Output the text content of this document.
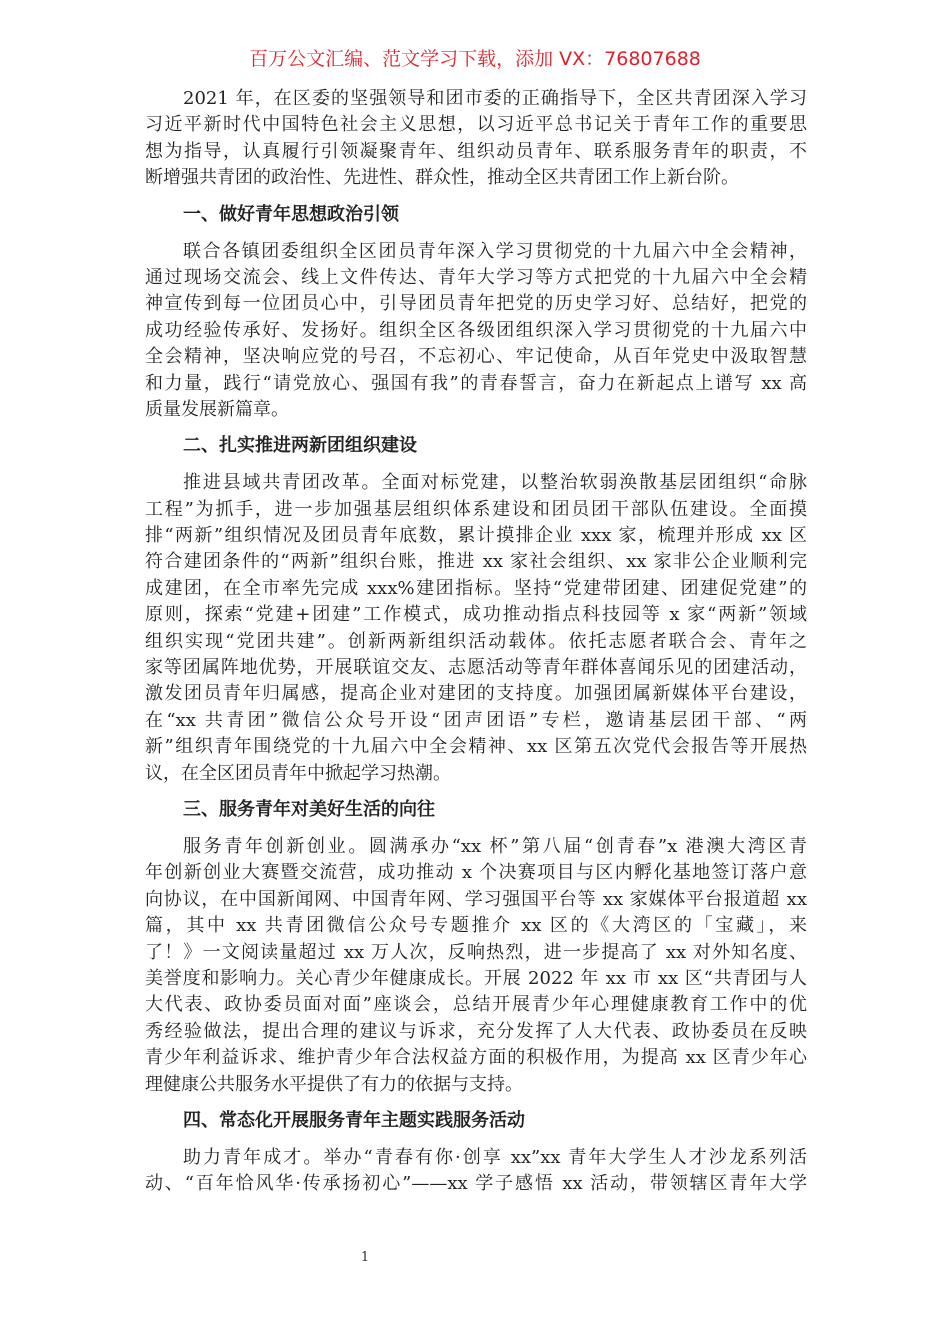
百万公文汇编、范文学习下载，添加 VX：76807688
2021 年，在区委的坚强领导和团市委的正确指导下，全区共青团深入学习
习近平新时代中国特色社会主义思想，以习近平总书记关于青年工作的重要思
想为指导，认真履行引领凝聚青年、组织动员青年、联系服务青年的职责，不
断增强共青团的政治性、先进性、群众性，推动全区共青团工作上新台阶。
一、做好青年思想政治引领
联合各镇团委组织全区团员青年深入学习贯彻党的十九届六中全会精神，
通过现场交流会、线上文件传达、青年大学习等方式把党的十九届六中全会精
神宣传到每一位团员心中，引导团员青年把党的历史学习好、总结好，把党的
成功经验传承好、发扬好。组织全区各级团组织深入学习贯彻党的十九届六中
全会精神，坚决响应党的号召，不忘初心、牢记使命，从百年党史中汲取智慧
和力量，践行“请党放心、强国有我”的青春誓言，奋力在新起点上谱写 xx 高
质量发展新篇章。
二、扎实推进两新团组织建设
推进县域共青团改革。全面对标党建，以整治软弱涣散基层团组织“命脉
工程”为抓手，进一步加强基层组织体系建设和团员团干部队伍建设。全面摸
排“两新”组织情况及团员青年底数，累计摸排企业 xxx 家，梳理并形成 xx 区
符合建团条件的“两新”组织台账，推进 xx 家社会组织、xx 家非公企业顺利完
成建团，在全市率先完成 xxx%建团指标。坚持“党建带团建、团建促党建”的
原则，探索“党建+团建”工作模式，成功推动指点科技园等 x 家“两新”领域
组织实现“党团共建”。创新两新组织活动载体。依托志愿者联合会、青年之
家等团属阵地优势，开展联谊交友、志愿活动等青年群体喜闻乐见的团建活动，
激发团员青年归属感，提高企业对建团的支持度。加强团属新媒体平台建设，
在“xx 共青团”微信公众号开设“团声团语”专栏，邀请基层团干部、“两
新”组织青年围绕党的十九届六中全会精神、xx 区第五次党代会报告等开展热
议，在全区团员青年中掀起学习热潮。
三、服务青年对美好生活的向往
服务青年创新创业。圆满承办“xx 杯”第八届“创青春”x 港澳大湾区青
年创新创业大赛暨交流营，成功推动 x 个决赛项目与区内孵化基地签订落户意
向协议，在中国新闻网、中国青年网、学习强国平台等 xx 家媒体平台报道超 xx
篇，其中 xx 共青团微信公众号专题推介 xx 区的《大湾区的「宝藏」，来
了！》一文阅读量超过 xx 万人次，反响热烈，进一步提高了 xx 对外知名度、
美誉度和影响力。关心青少年健康成长。开展 2022 年 xx 市 xx 区“共青团与人
大代表、政协委员面对面”座谈会，总结开展青少年心理健康教育工作中的优
秀经验做法，提出合理的建议与诉求，充分发挥了人大代表、政协委员在反映
青少年利益诉求、维护青少年合法权益方面的积极作用，为提高 xx 区青少年心
理健康公共服务水平提供了有力的依据与支持。
四、常态化开展服务青年主题实践服务活动
助力青年成才。举办“青春有你·创享 xx”xx 青年大学生人才沙龙系列活
动、“百年恰风华·传承扬初心”——xx 学子感悟 xx 活动，带领辖区青年大学
1
